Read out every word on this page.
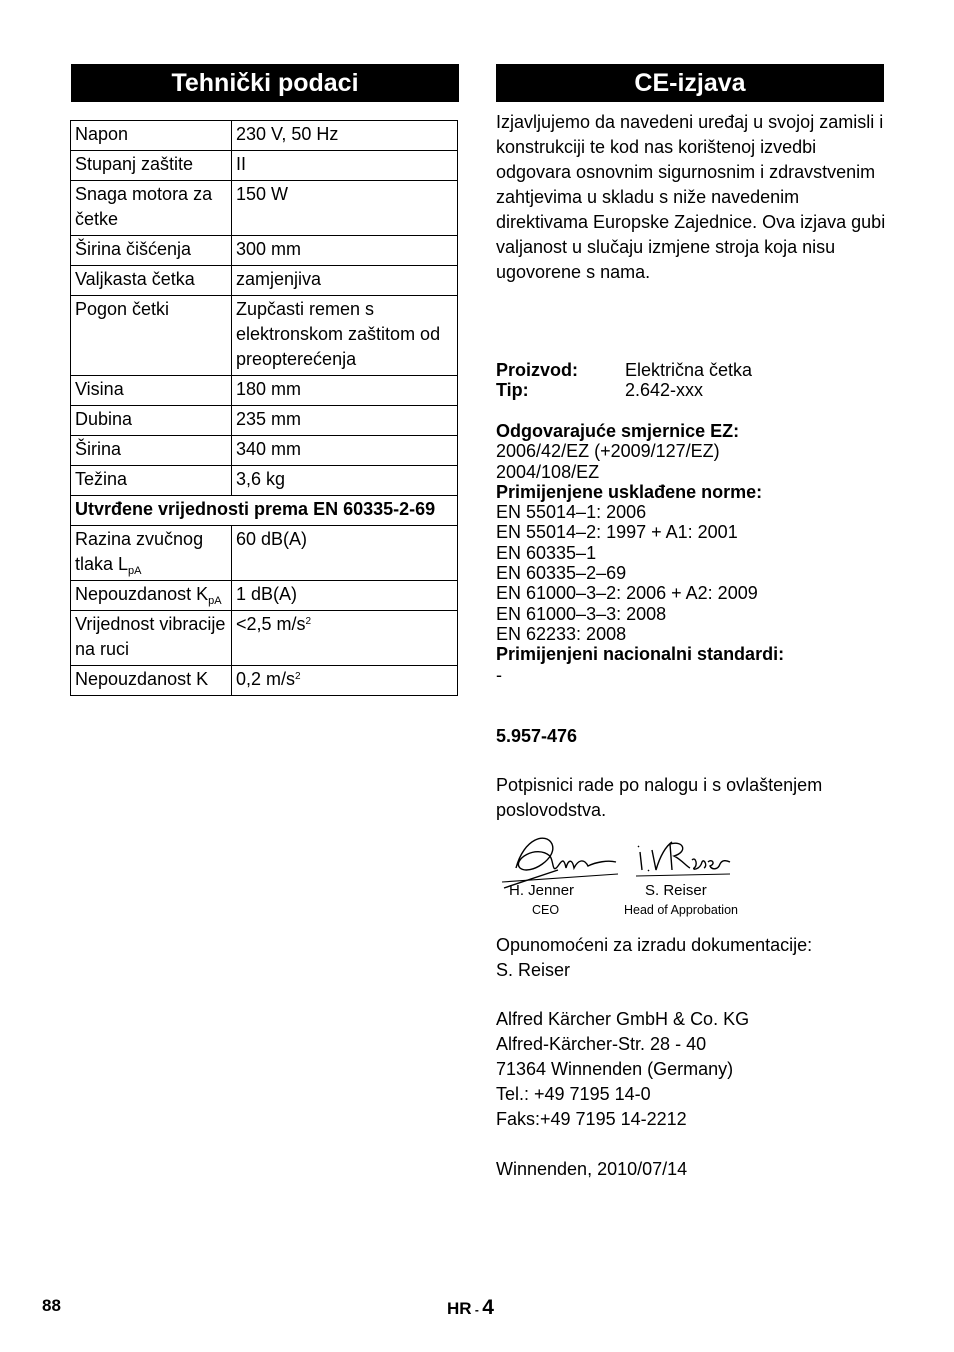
Tehnički podaci
Napon	230 V, 50 Hz
Stupanj zaštite	II
Snaga motora za četke	150 W
Širina čišćenja	300 mm
Valjkasta četka	zamjenjiva
Pogon četki	Zupčasti remen s elektronskom zaštitom od preopterećenja
Visina	180 mm
Dubina	235 mm
Širina	340 mm
Težina	3,6 kg
Utvrđene vrijednosti prema EN 60335-2-69	
Razina zvučnog tlaka $L_{pA}$	60 dB(A)
Nepouzdanost $K_{pA}$	1 dB(A)
Vrijednost vibracije na ruci	<2,5 $m/s^2$
Nepouzdanost K	0,2 $m/s^2$
CE-izjava
Izjavljujemo da navedeni uređaj u svojoj zamisli i konstrukciji te kod nas korištenoj izvedbi odgovara osnovnim sigurnosnim i zdravstvenim zahtjevima u skladu s niže navedenim direktivama Europske Zajednice. Ova izjava gubi valjanost u slučaju izmjene stroja koja nisu ugovorene s nama.
Proizvod:	Električna četka
Tip:	2.642-xxx
Odgovarajuće smjernice EZ:
2006/42/EZ (+2009/127/EZ)
2004/108/EZ
Primijenjene usklađene norme:
EN 55014–1: 2006
EN 55014–2: 1997 + A1: 2001
EN 60335–1
EN 60335–2–69
EN 61000–3–2: 2006 + A2: 2009
EN 61000–3–3: 2008
EN 62233: 2008
Primijenjeni nacionalni standardi:
-
5.957-476
Potpisnici rade po nalogu i s ovlaštenjem poslovodstva.
H. Jenner
CEO
S. Reiser
Head of Approbation
Opunomoćeni za izradu dokumentacije:
S. Reiser
Alfred Kärcher GmbH & Co. KG
Alfred-Kärcher-Str. 28 - 40
71364 Winnenden (Germany)
Tel.: +49 7195 14-0
Faks:+49 7195 14-2212
Winnenden, 2010/07/14
88	HR - 4
